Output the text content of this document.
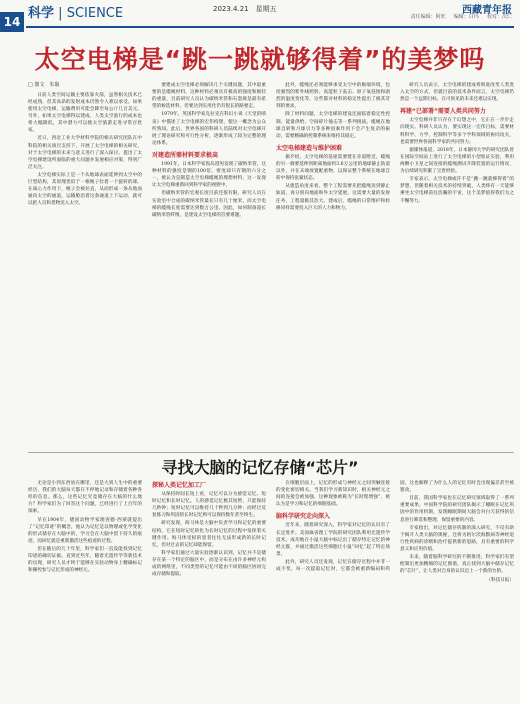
14
科学 | SCIENCE	2023.4.21　星期五	西藏青年报
责任编辑：阿旺 　 编辑：白玛 　 校对：次仁
太空电梯是“跳一跳就够得着”的美梦吗
□ 微文　朱璇

日前人类空间运输主要依靠火箭，虽然相关技术已经成熟，但其高昂的发射成本仍然令人难以承受。如果使用太空电梯，运输费用可能会降至每公斤几百美元。另外，如果太空电梯得以建成，人类太空旅行的成本也将大幅降低，其中潜力可以使太空旅游走进寻常百姓家。

近日，西北工业大学材料学院的相关研究团队在中科院的相关项目支持下，开展了太空电梯的相关研究，对于太空电梯的未来与意义进行了深入探讨，提出了太空电梯建设所面临的重大问题并发展相应对策，得到广泛关注。

太空电梯实际上是一个从地球表面延伸到太空中的巨型结构，其原理类似于一根绳子拴着一个旋转的球。在离心力作用下，绳子会被拉直，从而形成一条从地面通向太空的通道，运输舱沿着这条通道上下运动，就可以把人员和货物送入太空。

要建成太空电梯必须解决几个关键问题，其中最重要的是缆绳材料，这种材料必须具有极高的强度和极轻的重量，目前研究人员认为碳纳米管和石墨烯是最有希望的候选材料，但要达到实用化仍有很长的路要走。

1979年，英国科学家克拉克在科幻小说《天堂的喷泉》中描述了太空电梯的宏伟构想，使这一概念为公众所熟知。此后，世界各国的科研人员陆续对太空电梯开展了理论研究和可行性分析，逐渐形成了较为完整的理论体系。

对建造所需材料要求极高

1991年，日本科学家饭岛澄男发现了碳纳米管，这种材料的强度是钢的100倍，密度却只有钢的六分之一，被认为是制造太空电梯缆绳的理想材料，这一发现让太空电梯重新回到科学家的视野中。

但碳纳米管的宏观长度目前还很有限，研究人员在实验室中合成的碳纳米管最长只有几十厘米，而太空电梯的缆绳长度需要达到数万公里。因此，如何制备超长碳纳米管纤维，是建设太空电梯的首要难题。

此外，缆绳还必须能够承受太空中的极端环境，包括强烈的紫外线照射、高能粒子轰击、原子氧侵蚀和剧烈的温度变化等，这些都对材料的稳定性提出了极其苛刻的要求。

除了材料问题，太空电梯的建设还面临着稳定性控制、能量供给、空间碎片撞击等一系列挑战。缆绳在地球自转和月球引力等多种因素作用下会产生复杂的振动，需要精确的控制系统来维持其稳定。

太空电梯建造与维护困难

据介绍，太空电梯的基座需要建在赤道附近，缆绳的另一端要延伸到距离地面约3.6万公里的地球静止轨道以外，并在末端放置配重物，以保证整个系统在地球自转中保持张紧状态。

从建造角度来看，整个工程需要先把缆绳送到静止轨道，再分别向地面和外太空延展，这需要大量的发射任务，工程量极其浩大。建成后，缆绳的日常维护和检修同样需要投入巨大的人力和物力。

研究人员表示，太空电梯的建成将彻底改变人类进入太空的方式，但就目前的技术条件而言，太空电梯仍然是一个远期目标，在可预见的未来还难以实现。

再建“已部署”需要人类共同努力

太空电梯并非只存在于幻想之中，它正在一步步走向现实。科研人员认为，要实现这一宏伟目标，需要材料科学、力学、控制科学等多个学科领域的协同攻关，也需要世界各国科学家的共同努力。

据媒体报道，2018年，日本静冈大学的研究团队曾在国际空间站上进行了太空电梯的小型验证实验，利用两颗小卫星之间连接的缆绳测试升降装置的运行情况，为后续研究积累了宝贵经验。

专家表示，太空电梯或许不是“跳一跳就够得着”的梦想，但随着相关技术的持续突破，人类终有一天能够乘坐太空电梯前往浩瀚的宇宙，这个美梦值得我们为之不懈努力。

寻找大脑的记忆存储“芯片”

无论是小到东西放在哪里，还是大到人生中的重要经历，我们的大脑每天都在不停地记录和存储着各种各样的信息。那么，这些记忆究竟储存在大脑的什么地方？科学家们为了回答这个问题，已经进行了上百年的探索。

早在1904年，德国动物学家理查德·西蒙就提出了“记忆印迹”的概念，他认为记忆是以物理或化学变化的形式储存在大脑中的，学习会在大脑中留下持久的痕迹，而回忆就是重新激活这些痕迹的过程。

但在随后的几十年里，科学家们一直没能找到记忆印迹的确切证据。直到近些年，随着光遗传学等新技术的出现，研究人员才终于能够在实验动物身上精确标记和操控参与记忆形成的神经元。

探秘人类记忆加工厂

从保持时间长短上看，记忆可以分为感觉记忆、短时记忆和长时记忆。人的感觉记忆极其短暂，只能保持几秒钟；短时记忆可以维持几十秒到几分钟；而经过反复练习和巩固的长时记忆则可以保持数年甚至终生。

研究发现，海马体是大脑中负责学习和记忆的重要结构，它在短时记忆转化为长时记忆的过程中发挥着关键作用。海马体受损的患者往往无法形成新的长时记忆，但对过去的记忆却能保留。

科学家们通过大量实验逐渐认识到，记忆并不是储存在某一个特定的脑区中，而是分布在由许多神经元构成的网络里，不同类型的记忆可能由不同的脑区协同完成存储和提取。

在细胞层面上，记忆的形成与神经元之间突触连接的变化密切相关。当我们学习新知识时，相关神经元之间的连接会被加强，这种现象被称为“长时程增强”，被认为是学习和记忆的细胞基础。

脑科学研究走向深入

近年来，随着研究深入，科学家对记忆的认识有了长足进步。美国麻省理工学院的研究团队利用光遗传学技术，成功地在小鼠大脑中标记出了储存特定记忆的神经元群，并通过激活这些细胞让小鼠“回忆”起了特定场景。

此外，研究人员还发现，记忆在储存过程中并非一成不变，每一次提取记忆时，它都会被重新编码和巩固，这也解释了为什么人的记忆有时会出现偏差甚至被篡改。

目前，我国科学家也在记忆研究领域取得了一系列重要成果。中国科学院的研究团队揭示了睡眠在记忆巩固中的作用机制，发现睡眠期间大脑会对白天获得的信息进行筛选和整理，保留重要的内容。

专家指出，对记忆储存机制的深入研究，不仅有助于揭开人类大脑的奥秘，还将为阿尔茨海默病等神经退行性疾病的诊断和治疗提供新的思路，具有重要的科学意义和应用价值。

未来，随着脑科学研究的不断推进，科学家们有望绘制出更加精细的记忆图谱，真正找到大脑中储存记忆的“芯片”，让人类对自身的认识迈上一个新的台阶。

（科技日报）
